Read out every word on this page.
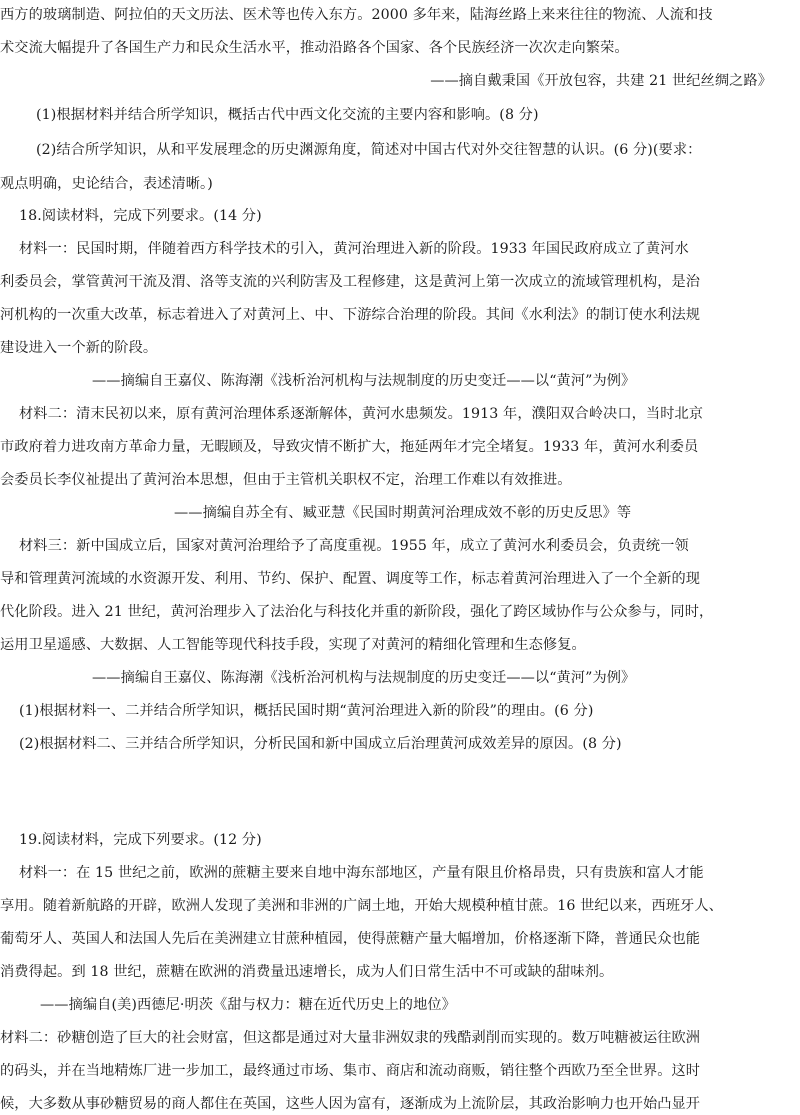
西方的玻璃制造、阿拉伯的天文历法、医术等也传入东方。2000 多年来，陆海丝路上来来往往的物流、人流和技
术交流大幅提升了各国生产力和民众生活水平，推动沿路各个国家、各个民族经济一次次走向繁荣。
——摘自戴秉国《开放包容，共建 21 世纪丝绸之路》
(1)根据材料并结合所学知识，概括古代中西文化交流的主要内容和影响。(8 分)
(2)结合所学知识，从和平发展理念的历史渊源角度，简述对中国古代对外交往智慧的认识。(6 分)(要求：
观点明确，史论结合，表述清晰。)
18.阅读材料，完成下列要求。(14 分)
材料一：民国时期，伴随着西方科学技术的引入，黄河治理进入新的阶段。1933 年国民政府成立了黄河水
利委员会，掌管黄河干流及渭、洛等支流的兴利防害及工程修建，这是黄河上第一次成立的流域管理机构，是治
河机构的一次重大改革，标志着进入了对黄河上、中、下游综合治理的阶段。其间《水利法》的制订使水利法规
建设进入一个新的阶段。
——摘编自王嘉仪、陈海潮《浅析治河机构与法规制度的历史变迁——以“黄河”为例》
材料二：清末民初以来，原有黄河治理体系逐渐解体，黄河水患频发。1913 年，濮阳双合岭决口，当时北京
市政府着力进攻南方革命力量，无暇顾及，导致灾情不断扩大，拖延两年才完全堵复。1933 年，黄河水利委员
会委员长李仪祉提出了黄河治本思想，但由于主管机关职权不定，治理工作难以有效推进。
——摘编自苏全有、臧亚慧《民国时期黄河治理成效不彰的历史反思》等
材料三：新中国成立后，国家对黄河治理给予了高度重视。1955 年，成立了黄河水利委员会，负责统一领
导和管理黄河流域的水资源开发、利用、节约、保护、配置、调度等工作，标志着黄河治理进入了一个全新的现
代化阶段。进入 21 世纪，黄河治理步入了法治化与科技化并重的新阶段，强化了跨区域协作与公众参与，同时，
运用卫星遥感、大数据、人工智能等现代科技手段，实现了对黄河的精细化管理和生态修复。
——摘编自王嘉仪、陈海潮《浅析治河机构与法规制度的历史变迁——以“黄河”为例》
(1)根据材料一、二并结合所学知识，概括民国时期“黄河治理进入新的阶段”的理由。(6 分)
(2)根据材料二、三并结合所学知识，分析民国和新中国成立后治理黄河成效差异的原因。(8 分)
19.阅读材料，完成下列要求。(12 分)
材料一：在 15 世纪之前，欧洲的蔗糖主要来自地中海东部地区，产量有限且价格昂贵，只有贵族和富人才能
享用。随着新航路的开辟，欧洲人发现了美洲和非洲的广阔土地，开始大规模种植甘蔗。16 世纪以来，西班牙人、
葡萄牙人、英国人和法国人先后在美洲建立甘蔗种植园，使得蔗糖产量大幅增加，价格逐渐下降，普通民众也能
消费得起。到 18 世纪，蔗糖在欧洲的消费量迅速增长，成为人们日常生活中不可或缺的甜味剂。
——摘编自(美)西德尼·明茨《甜与权力：糖在近代历史上的地位》
材料二：砂糖创造了巨大的社会财富，但这都是通过对大量非洲奴隶的残酷剥削而实现的。数万吨糖被运往欧洲
的码头，并在当地精炼厂进一步加工，最终通过市场、集市、商店和流动商贩，销往整个西欧乃至全世界。这时
候，大多数从事砂糖贸易的商人都住在英国，这些人因为富有，逐渐成为上流阶层，其政治影响力也开始凸显开
